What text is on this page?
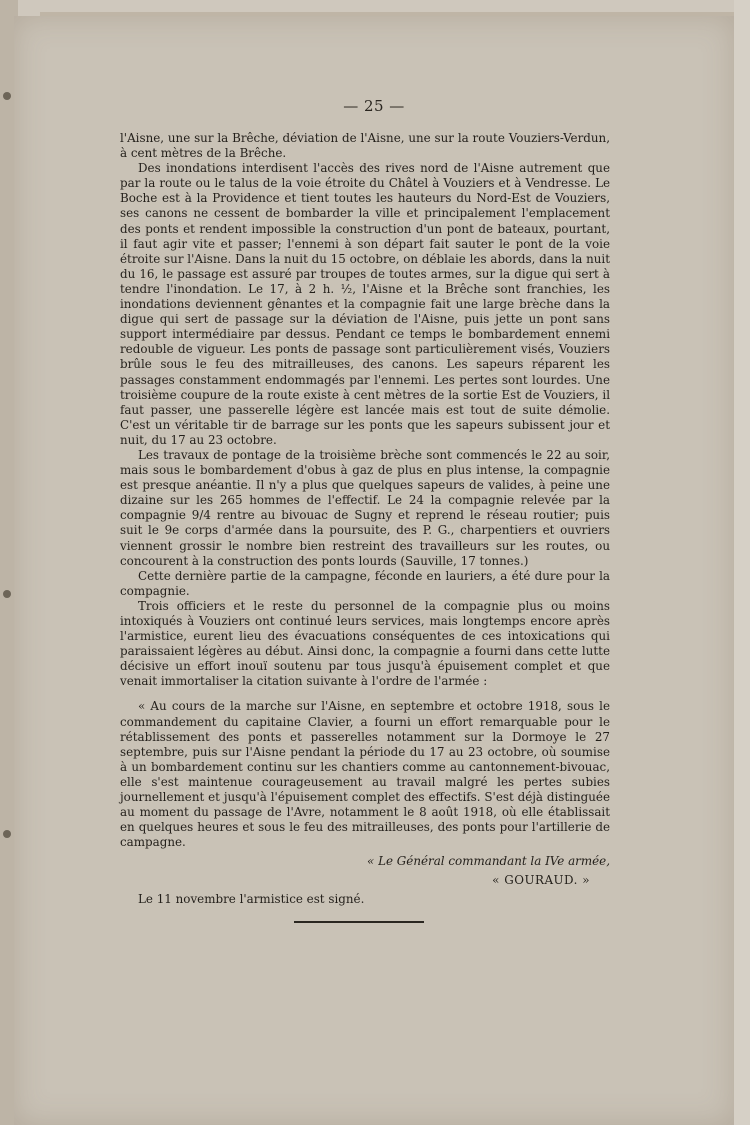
— 25 —

l'Aisne, une sur la Brêche, déviation de l'Aisne, une sur la route Vouziers-Verdun, à cent mètres de la Brêche.

Des inondations interdisent l'accès des rives nord de l'Aisne autrement que par la route ou le talus de la voie étroite du Châtel à Vouziers et à Vendresse. Le Boche est à la Providence et tient toutes les hauteurs du Nord-Est de Vouziers, ses canons ne cessent de bombarder la ville et principalement l'emplacement des ponts et rendent impossible la construction d'un pont de bateaux, pourtant, il faut agir vite et passer; l'ennemi à son départ fait sauter le pont de la voie étroite sur l'Aisne. Dans la nuit du 15 octobre, on déblaie les abords, dans la nuit du 16, le passage est assuré par troupes de toutes armes, sur la digue qui sert à tendre l'inondation. Le 17, à 2 h. ½, l'Aisne et la Brêche sont franchies, les inondations deviennent gênantes et la compagnie fait une large brèche dans la digue qui sert de passage sur la déviation de l'Aisne, puis jette un pont sans support intermédiaire par dessus. Pendant ce temps le bombardement ennemi redouble de vigueur. Les ponts de passage sont particulièrement visés, Vouziers brûle sous le feu des mitrailleuses, des canons. Les sapeurs réparent les passages constamment endommagés par l'ennemi. Les pertes sont lourdes. Une troisième coupure de la route existe à cent mètres de la sortie Est de Vouziers, il faut passer, une passerelle légère est lancée mais est tout de suite démolie. C'est un véritable tir de barrage sur les ponts que les sapeurs subissent jour et nuit, du 17 au 23 octobre.

Les travaux de pontage de la troisième brèche sont commencés le 22 au soir, mais sous le bombardement d'obus à gaz de plus en plus intense, la compagnie est presque anéantie. Il n'y a plus que quelques sapeurs de valides, à peine une dizaine sur les 265 hommes de l'effectif. Le 24 la compagnie relevée par la compagnie 9/4 rentre au bivouac de Sugny et reprend le réseau routier; puis suit le 9e corps d'armée dans la poursuite, des P. G., charpentiers et ouvriers viennent grossir le nombre bien restreint des travailleurs sur les routes, ou concourent à la construction des ponts lourds (Sauville, 17 tonnes.)

Cette dernière partie de la campagne, féconde en lauriers, a été dure pour la compagnie.

Trois officiers et le reste du personnel de la compagnie plus ou moins intoxiqués à Vouziers ont continué leurs services, mais longtemps encore après l'armistice, eurent lieu des évacuations conséquentes de ces intoxications qui paraissaient légères au début. Ainsi donc, la compagnie a fourni dans cette lutte décisive un effort inouï soutenu par tous jusqu'à épuisement complet et que venait immortaliser la citation suivante à l'ordre de l'armée :

« Au cours de la marche sur l'Aisne, en septembre et octobre 1918, sous le commandement du capitaine Clavier, a fourni un effort remarquable pour le rétablissement des ponts et passerelles notamment sur la Dormoye le 27 septembre, puis sur l'Aisne pendant la période du 17 au 23 octobre, où soumise à un bombardement continu sur les chantiers comme au cantonnement-bivouac, elle s'est maintenue courageusement au travail malgré les pertes subies journellement et jusqu'à l'épuisement complet des effectifs. S'est déjà distinguée au moment du passage de l'Avre, notamment le 8 août 1918, où elle établissait en quelques heures et sous le feu des mitrailleuses, des ponts pour l'artillerie de campagne.

« Le Général commandant la IVe armée,
« GOURAUD. »

Le 11 novembre l'armistice est signé.
